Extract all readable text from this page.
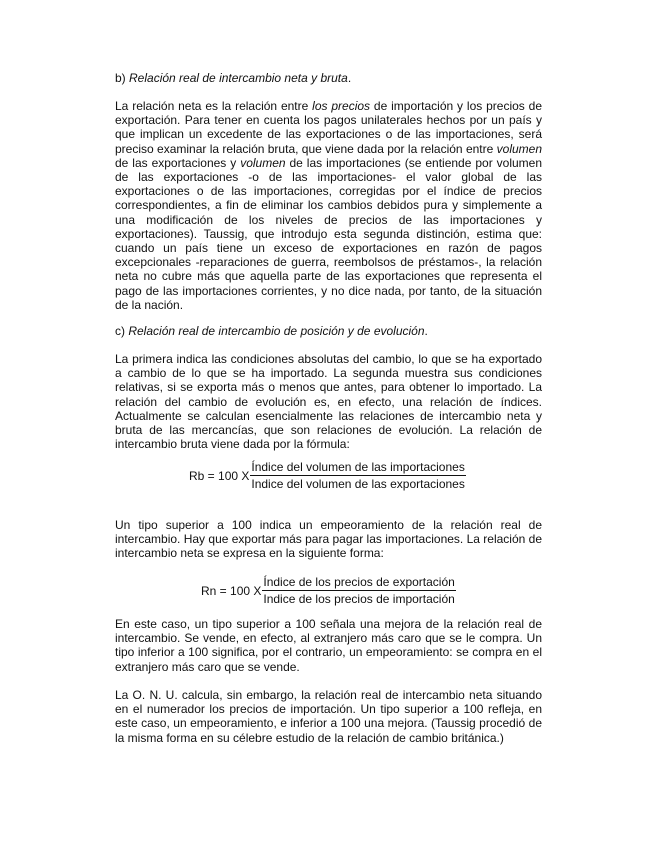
b) Relación real de intercambio neta y bruta.

La relación neta es la relación entre los precios de importación y los precios de exportación. Para tener en cuenta los pagos unilaterales hechos por un país y que implican un excedente de las exportaciones o de las importaciones, será preciso examinar la relación bruta, que viene dada por la relación entre volumen de las exportaciones y volumen de las importaciones (se entiende por volumen de las exportaciones -o de las importaciones- el valor global de las exportaciones o de las importaciones, corregidas por el índice de precios correspondientes, a fin de eliminar los cambios debidos pura y simplemente a una modificación de los niveles de precios de las importaciones y exportaciones). Taussig, que introdujo esta segunda distinción, estima que: cuando un país tiene un exceso de exportaciones en razón de pagos excepcionales -reparaciones de guerra, reembolsos de préstamos-, la relación neta no cubre más que aquella parte de las exportaciones que representa el pago de las importaciones corrientes, y no dice nada, por tanto, de la situación de la nación.

c) Relación real de intercambio de posición y de evolución.

La primera indica las condiciones absolutas del cambio, lo que se ha exportado a cambio de lo que se ha importado. La segunda muestra sus condiciones relativas, si se exporta más o menos que antes, para obtener lo importado. La relación del cambio de evolución es, en efecto, una relación de índices. Actualmente se calculan esencialmente las relaciones de intercambio neta y bruta de las mercancías, que son relaciones de evolución. La relación de intercambio bruta viene dada por la fórmula:

Rb = 100 X $\frac{\text{Índice del volumen de las importaciones}}{\text{Indice del volumen de las exportaciones}}$

Un tipo superior a 100 indica un empeoramiento de la relación real de intercambio. Hay que exportar más para pagar las importaciones. La relación de intercambio neta se expresa en la siguiente forma:

Rn = 100 X $\frac{\text{Índice de los precios de exportación}}{\text{Indice de los precios de importación}}$

En este caso, un tipo superior a 100 señala una mejora de la relación real de intercambio. Se vende, en efecto, al extranjero más caro que se le compra. Un tipo inferior a 100 significa, por el contrario, un empeoramiento: se compra en el extranjero más caro que se vende.

La O. N. U. calcula, sin embargo, la relación real de intercambio neta situando en el numerador los precios de importación. Un tipo superior a 100 refleja, en este caso, un empeoramiento, e inferior a 100 una mejora. (Taussig procedió de la misma forma en su célebre estudio de la relación de cambio británica.)
